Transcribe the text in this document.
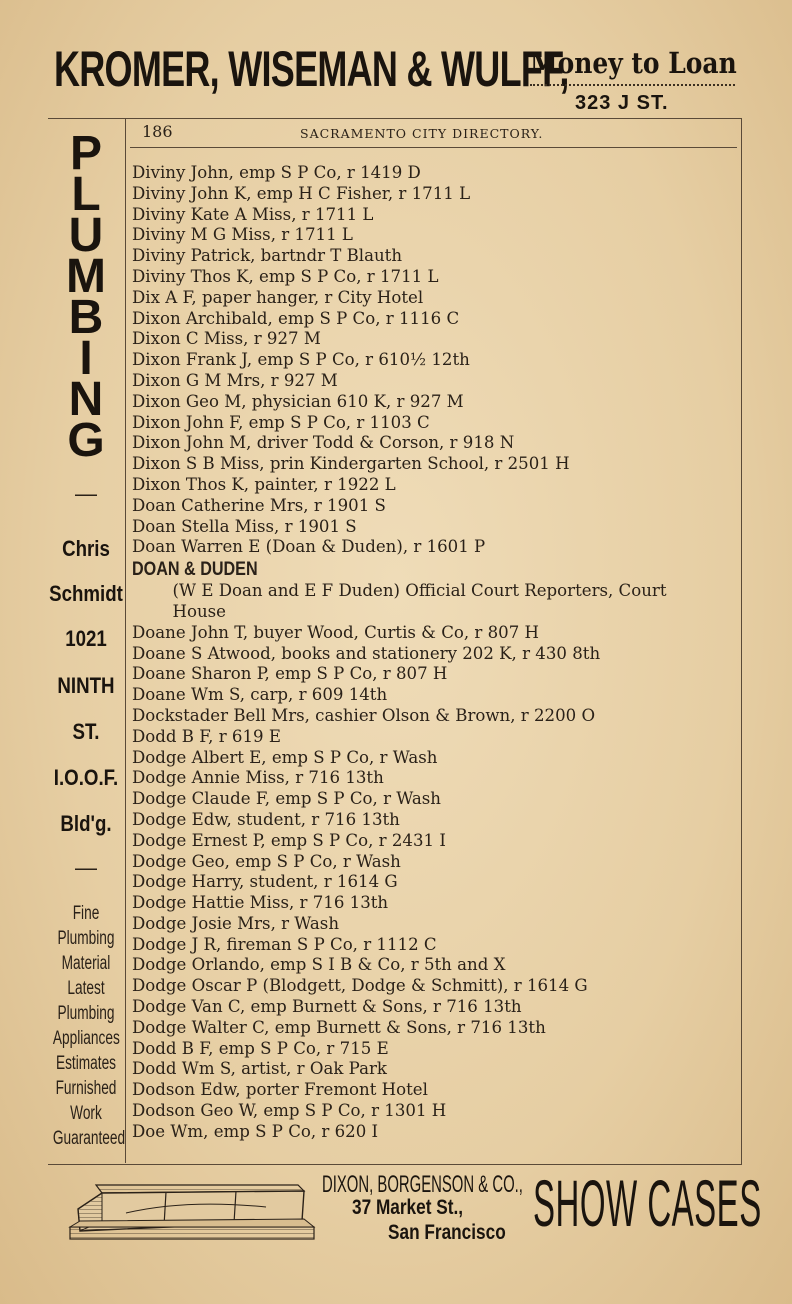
KROMER, WISEMAN & WULFF,
Money to Loan
323 J ST.
P
L
U
M
B
I
N
G
—
Chris
Schmidt
1021
NINTH
ST.
I.O.O.F.
Bld'g.
—
Fine
Plumbing
Material
Latest
Plumbing
Appliances
Estimates
Furnished
Work
Guaranteed
186	SACRAMENTO CITY DIRECTORY.
Diviny John, emp S P Co, r 1419 D
Diviny John K, emp H C Fisher, r 1711 L
Diviny Kate A Miss, r 1711 L
Diviny M G Miss, r 1711 L
Diviny Patrick, bartndr T Blauth
Diviny Thos K, emp S P Co, r 1711 L
Dix A F, paper hanger, r City Hotel
Dixon Archibald, emp S P Co, r 1116 C
Dixon C Miss, r 927 M
Dixon Frank J, emp S P Co, r 610½ 12th
Dixon G M Mrs, r 927 M
Dixon Geo M, physician 610 K, r 927 M
Dixon John F, emp S P Co, r 1103 C
Dixon John M, driver Todd & Corson, r 918 N
Dixon S B Miss, prin Kindergarten School, r 2501 H
Dixon Thos K, painter, r 1922 L
Doan Catherine Mrs, r 1901 S
Doan Stella Miss, r 1901 S
Doan Warren E (Doan & Duden), r 1601 P
DOAN & DUDEN
(W E Doan and E F Duden) Official Court Reporters, Court
House
Doane John T, buyer Wood, Curtis & Co, r 807 H
Doane S Atwood, books and stationery 202 K, r 430 8th
Doane Sharon P, emp S P Co, r 807 H
Doane Wm S, carp, r 609 14th
Dockstader Bell Mrs, cashier Olson & Brown, r 2200 O
Dodd B F, r 619 E
Dodge Albert E, emp S P Co, r Wash
Dodge Annie Miss, r 716 13th
Dodge Claude F, emp S P Co, r Wash
Dodge Edw, student, r 716 13th
Dodge Ernest P, emp S P Co, r 2431 I
Dodge Geo, emp S P Co, r Wash
Dodge Harry, student, r 1614 G
Dodge Hattie Miss, r 716 13th
Dodge Josie Mrs, r Wash
Dodge J R, fireman S P Co, r 1112 C
Dodge Orlando, emp S I B & Co, r 5th and X
Dodge Oscar P (Blodgett, Dodge & Schmitt), r 1614 G
Dodge Van C, emp Burnett & Sons, r 716 13th
Dodge Walter C, emp Burnett & Sons, r 716 13th
Dodd B F, emp S P Co, r 715 E
Dodd Wm S, artist, r Oak Park
Dodson Edw, porter Fremont Hotel
Dodson Geo W, emp S P Co, r 1301 H
Doe Wm, emp S P Co, r 620 I
DIXON, BORGENSON & CO.,
37 Market St.,
San Francisco SHOW CASES
